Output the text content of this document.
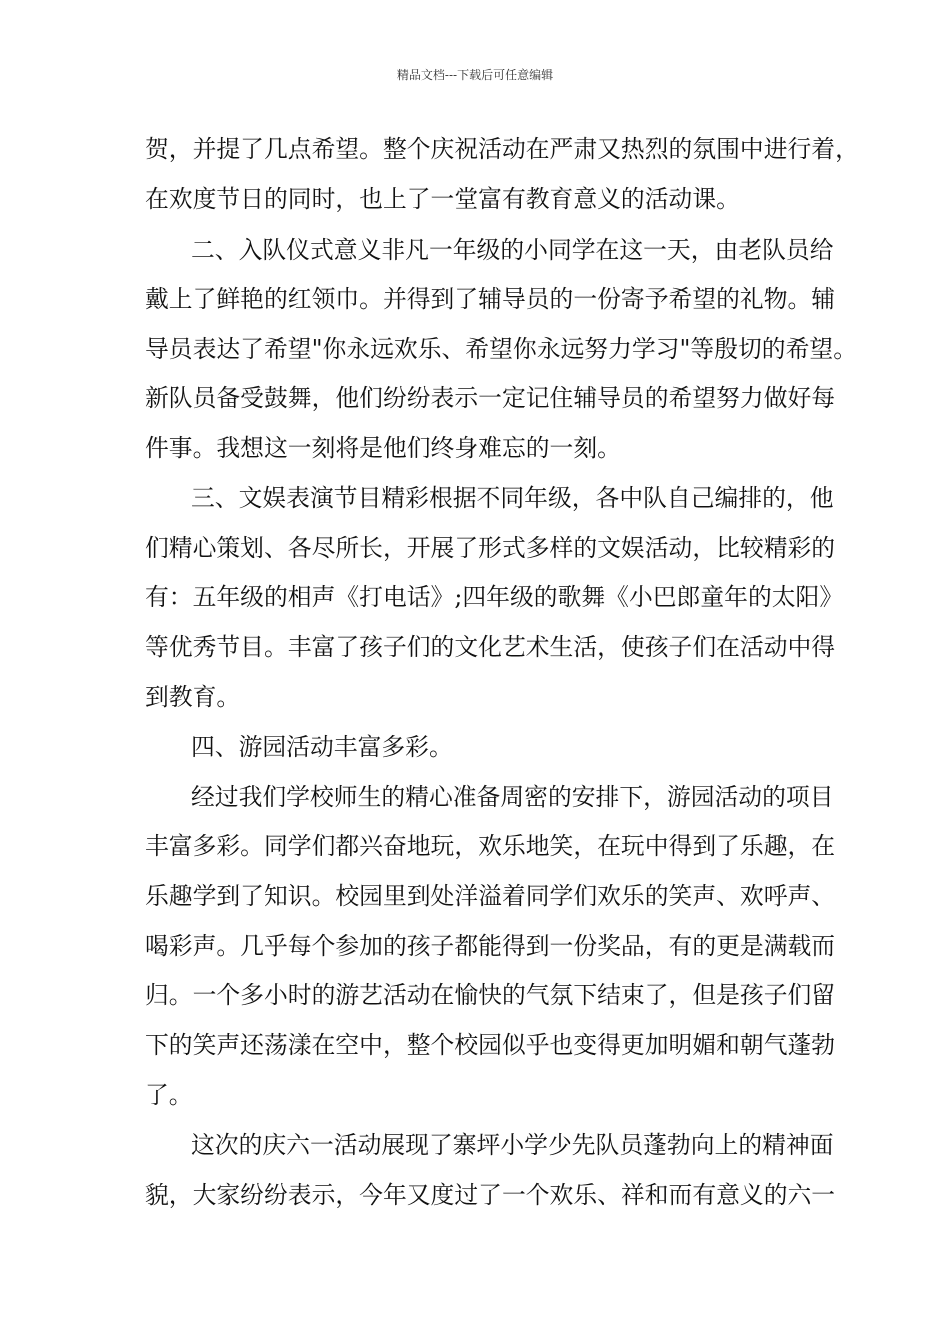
精品文档---下载后可任意编辑
贺，并提了几点希望。整个庆祝活动在严肃又热烈的氛围中进行着，
在欢度节日的同时，也上了一堂富有教育意义的活动课。
二、入队仪式意义非凡一年级的小同学在这一天，由老队员给
戴上了鲜艳的红领巾。并得到了辅导员的一份寄予希望的礼物。辅
导员表达了希望"你永远欢乐、希望你永远努力学习"等殷切的希望。
新队员备受鼓舞，他们纷纷表示一定记住辅导员的希望努力做好每
件事。我想这一刻将是他们终身难忘的一刻。
三、文娱表演节目精彩根据不同年级，各中队自己编排的，他
们精心策划、各尽所长，开展了形式多样的文娱活动，比较精彩的
有：五年级的相声《打电话》;四年级的歌舞《小巴郎童年的太阳》
等优秀节目。丰富了孩子们的文化艺术生活，使孩子们在活动中得
到教育。
四、游园活动丰富多彩。
经过我们学校师生的精心准备周密的安排下，游园活动的项目
丰富多彩。同学们都兴奋地玩，欢乐地笑，在玩中得到了乐趣，在
乐趣学到了知识。校园里到处洋溢着同学们欢乐的笑声、欢呼声、
喝彩声。几乎每个参加的孩子都能得到一份奖品，有的更是满载而
归。一个多小时的游艺活动在愉快的气氛下结束了，但是孩子们留
下的笑声还荡漾在空中，整个校园似乎也变得更加明媚和朝气蓬勃
了。
这次的庆六一活动展现了寨坪小学少先队员蓬勃向上的精神面
貌，大家纷纷表示，今年又度过了一个欢乐、祥和而有意义的六一
